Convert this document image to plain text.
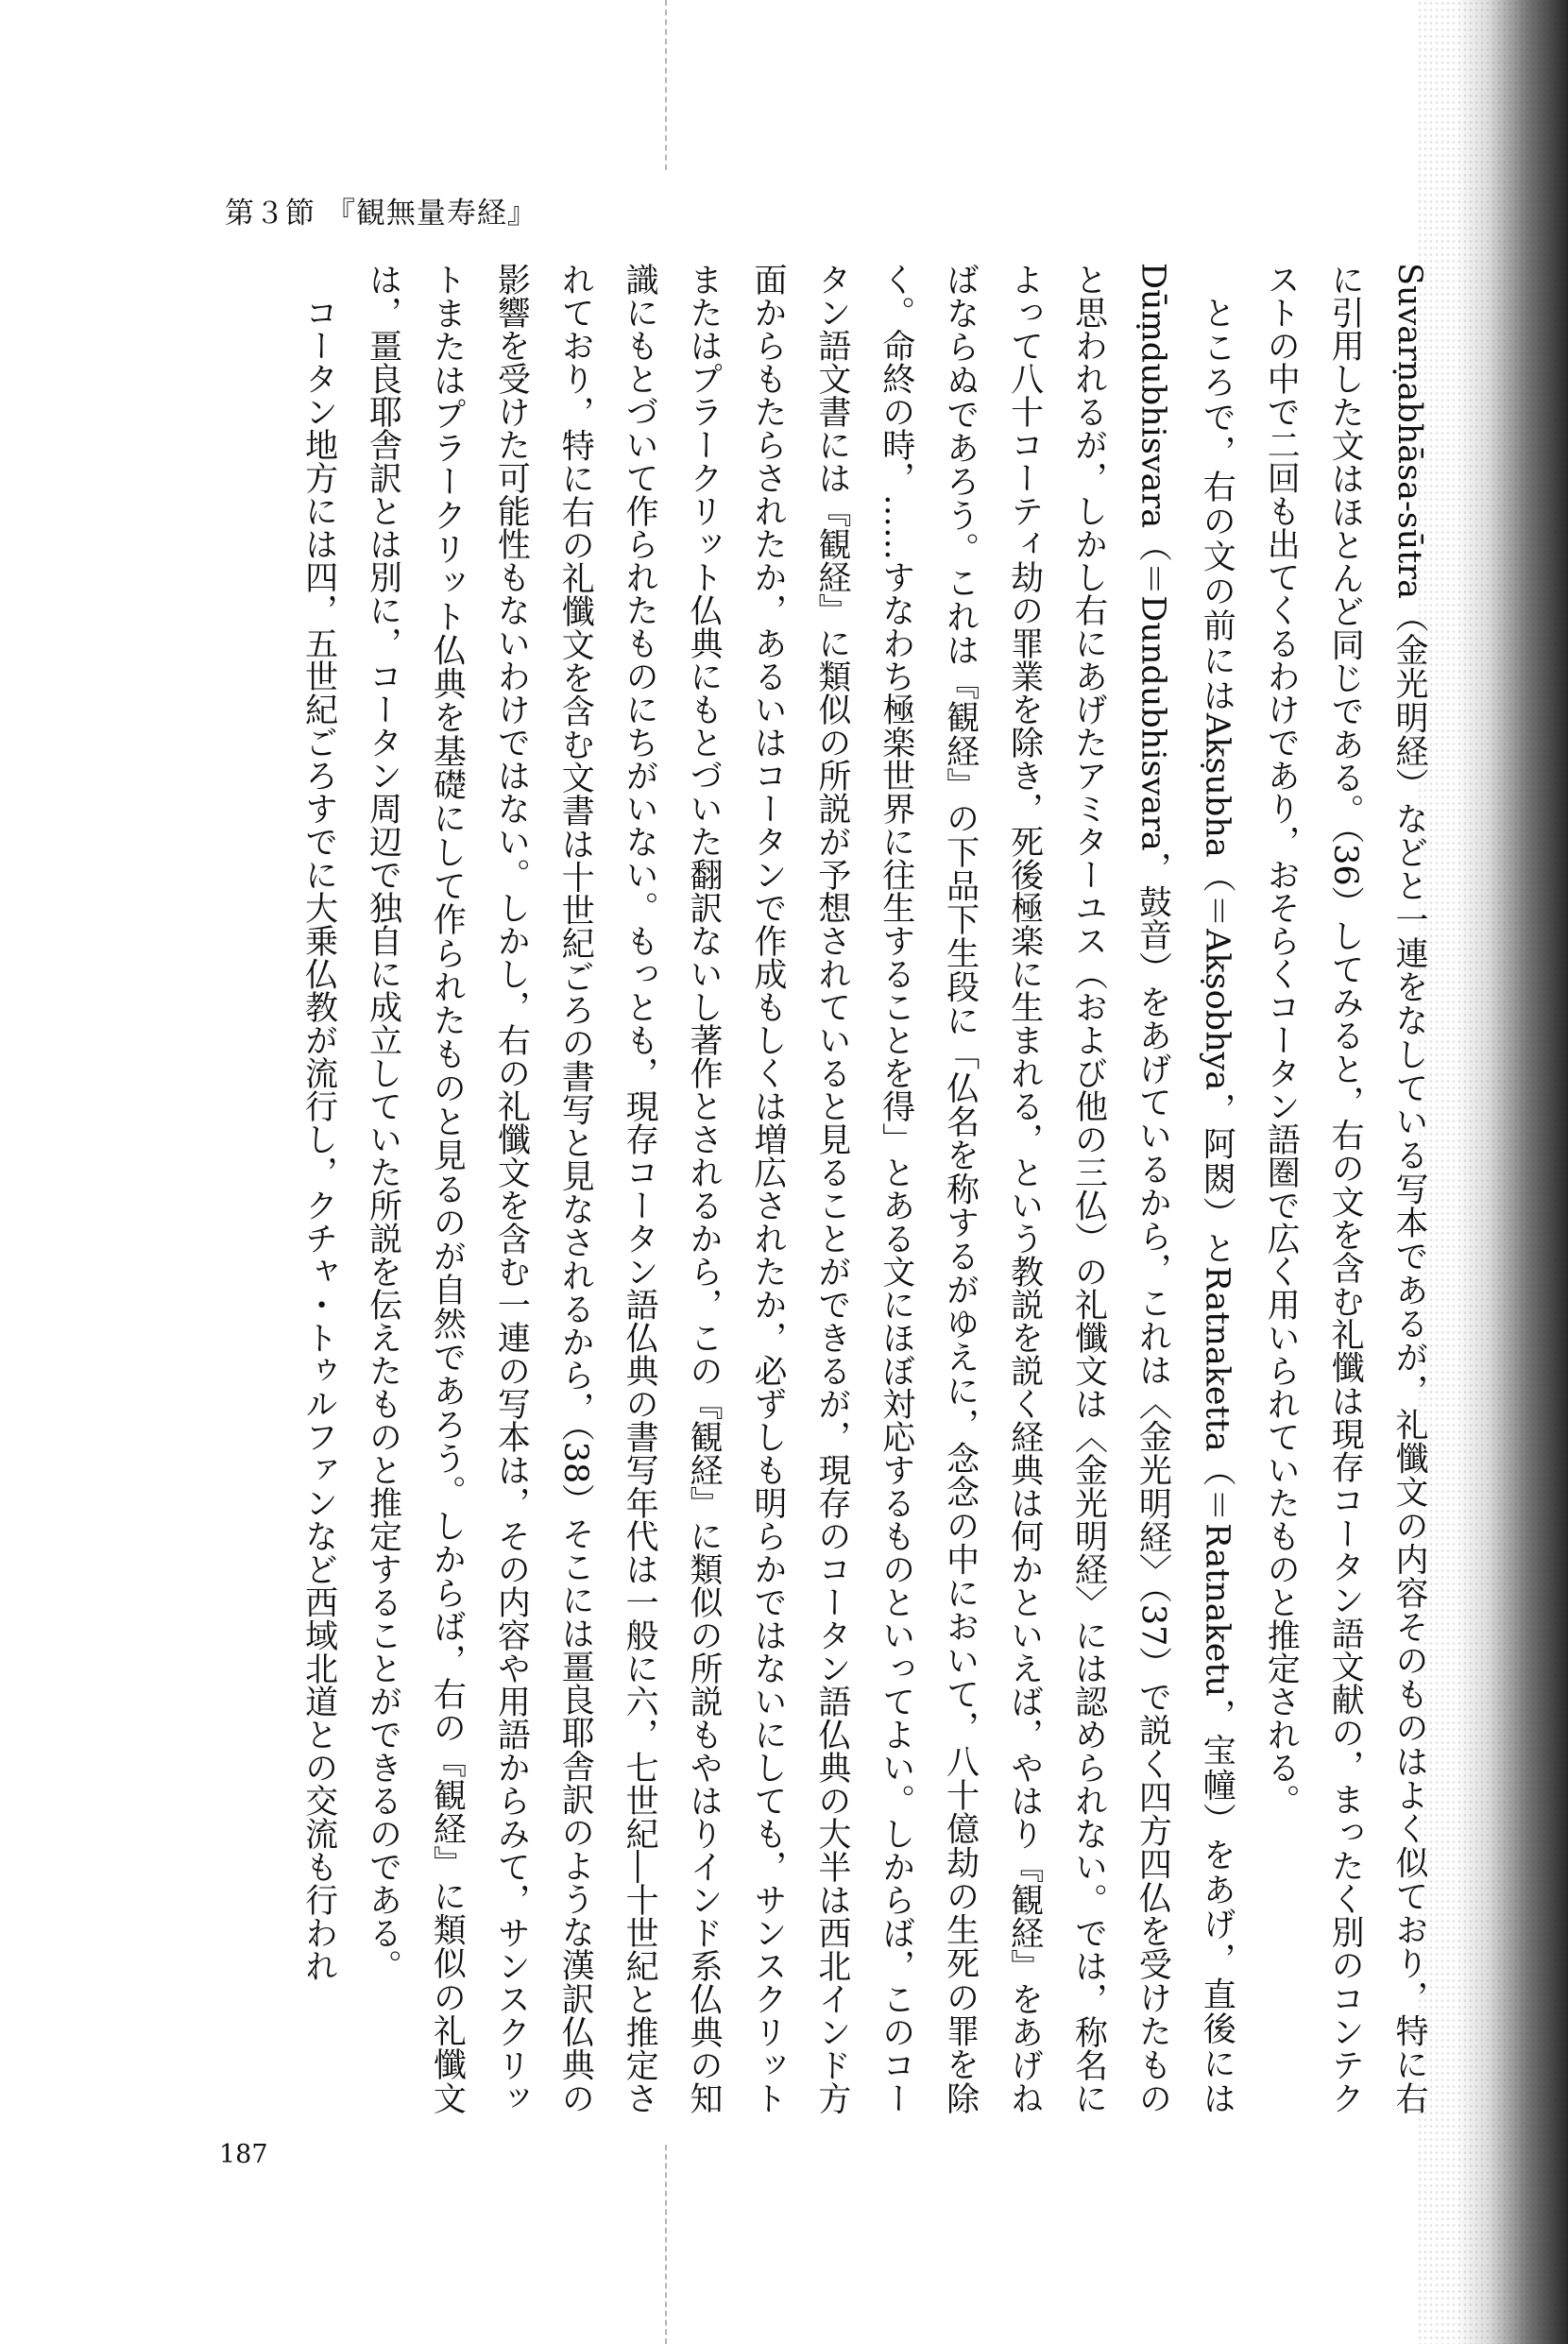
第３節 『観無量寿経』

Suvarṇabhāsa-sūtra（金光明経）などと一連をなしている写本であるが，礼懺文の内容そのものはよく似ており，特に右に引用した文はほとんど同じである。（36）してみると，右の文を含む礼懺は現存コータン語文献の，まったく別のコンテクストの中で二回も出てくるわけであり，おそらくコータン語圏で広く用いられていたものと推定される。

ところで，右の文の前にはAkṣubha（＝Akṣobhya，阿閦）とRatnaketta（＝Ratnaketu，宝幢）をあげ，直後にはDūṃdubhisvara（＝Dundubhisvara，鼓音）をあげているから，これは〈金光明経〉（37）で説く四方四仏を受けたものと思われるが，しかし右にあげたアミターユス（および他の三仏）の礼懺文は〈金光明経〉には認められない。では，称名によって八十コーティ劫の罪業を除き，死後極楽に生まれる，という教説を説く経典は何かといえば，やはり『観経』をあげねばならぬであろう。これは『観経』の下品下生段に「仏名を称するがゆえに，念念の中において，八十億劫の生死の罪を除く。命終の時，……すなわち極楽世界に往生することを得」とある文にほぼ対応するものといってよい。しからば，このコータン語文書には『観経』に類似の所説が予想されていると見ることができるが，現存のコータン語仏典の大半は西北インド方面からもたらされたか，あるいはコータンで作成もしくは増広されたか，必ずしも明らかではないにしても，サンスクリットまたはプラークリット仏典にもとづいた翻訳ないし著作とされるから，この『観経』に類似の所説もやはりインド系仏典の知識にもとづいて作られたものにちがいない。もっとも，現存コータン語仏典の書写年代は一般に六，七世紀―十世紀と推定されており，特に右の礼懺文を含む文書は十世紀ごろの書写と見なされるから，（38）そこには畺良耶舎訳のような漢訳仏典の影響を受けた可能性もないわけではない。しかし，右の礼懺文を含む一連の写本は，その内容や用語からみて，サンスクリットまたはプラークリット仏典を基礎にして作られたものと見るのが自然であろう。しからば，右の『観経』に類似の礼懺文は，畺良耶舎訳とは別に，コータン周辺で独自に成立していた所説を伝えたものと推定することができるのである。

コータン地方には四，五世紀ごろすでに大乗仏教が流行し，クチャ・トゥルファンなど西域北道との交流も行われ

187
